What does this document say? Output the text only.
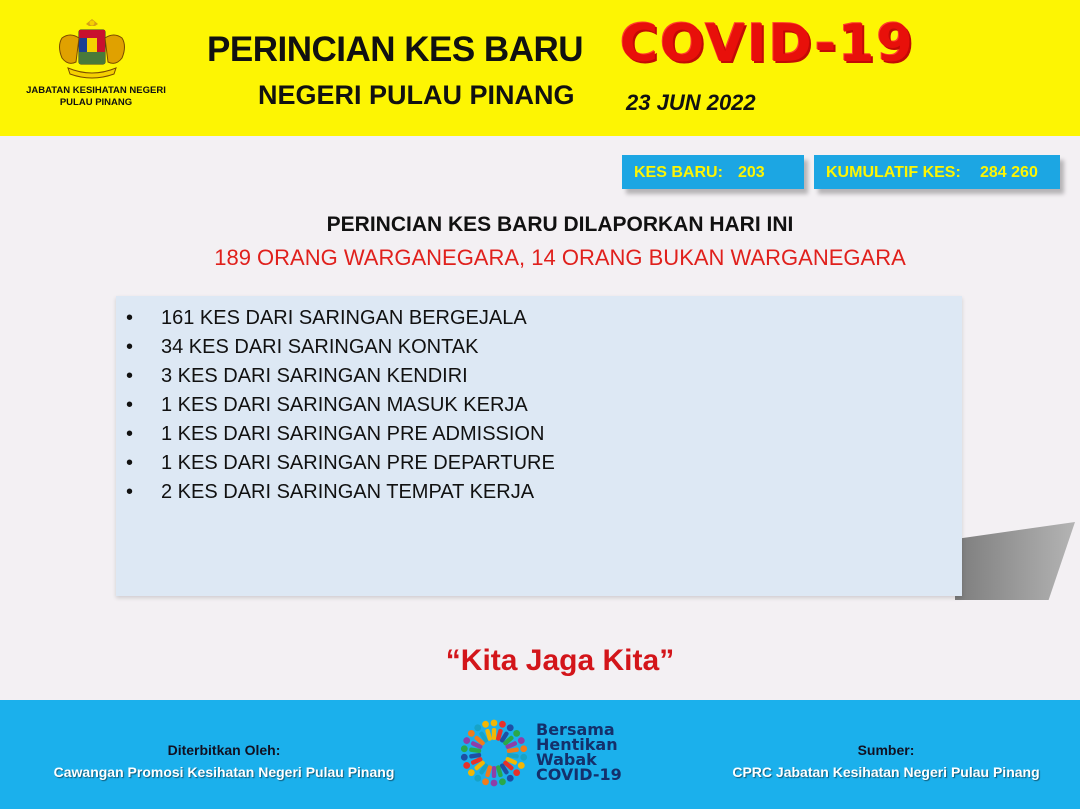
JABATAN KESIHATAN NEGERI PULAU PINANG
PERINCIAN KES BARU COVID-19
NEGERI PULAU PINANG 23 JUN 2022
KES BARU: 203	KUMULATIF KES: 284 260
PERINCIAN KES BARU DILAPORKAN HARI INI
189 ORANG WARGANEGARA, 14 ORANG BUKAN WARGANEGARA
• 161 KES DARI SARINGAN BERGEJALA
• 34 KES DARI SARINGAN KONTAK
• 3 KES DARI SARINGAN KENDIRI
• 1 KES DARI SARINGAN MASUK KERJA
• 1 KES DARI SARINGAN PRE ADMISSION
• 1 KES DARI SARINGAN PRE DEPARTURE
• 2 KES DARI SARINGAN TEMPAT KERJA
“Kita Jaga Kita”
Diterbitkan Oleh:
Cawangan Promosi Kesihatan Negeri Pulau Pinang
Bersama
Hentikan
Wabak
COVID-19
Sumber:
CPRC Jabatan Kesihatan Negeri Pulau Pinang
